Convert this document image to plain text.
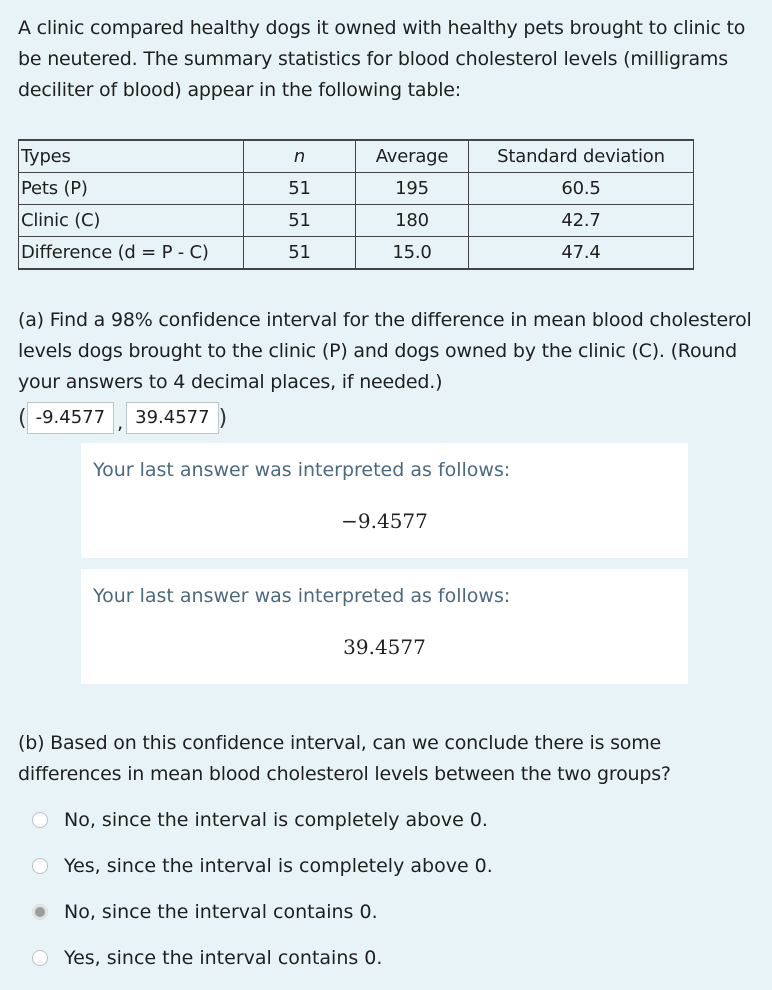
A clinic compared healthy dogs it owned with healthy pets brought to clinic to be neutered. The summary statistics for blood cholesterol levels (milligrams deciliter of blood) appear in the following table:
Types	n	Average	Standard deviation
Pets (P)	51	195	60.5
Clinic (C)	51	180	42.7
Difference (d = P - C)	51	15.0	47.4
(a) Find a 98% confidence interval for the difference in mean blood cholesterol levels dogs brought to the clinic (P) and dogs owned by the clinic (C). (Round your answers to 4 decimal places, if needed.)
( -9.4577 , 39.4577 )
Your last answer was interpreted as follows:
−9.4577
Your last answer was interpreted as follows:
39.4577
(b) Based on this confidence interval, can we conclude there is some differences in mean blood cholesterol levels between the two groups?
No, since the interval is completely above 0.
Yes, since the interval is completely above 0.
No, since the interval contains 0.
Yes, since the interval contains 0.
